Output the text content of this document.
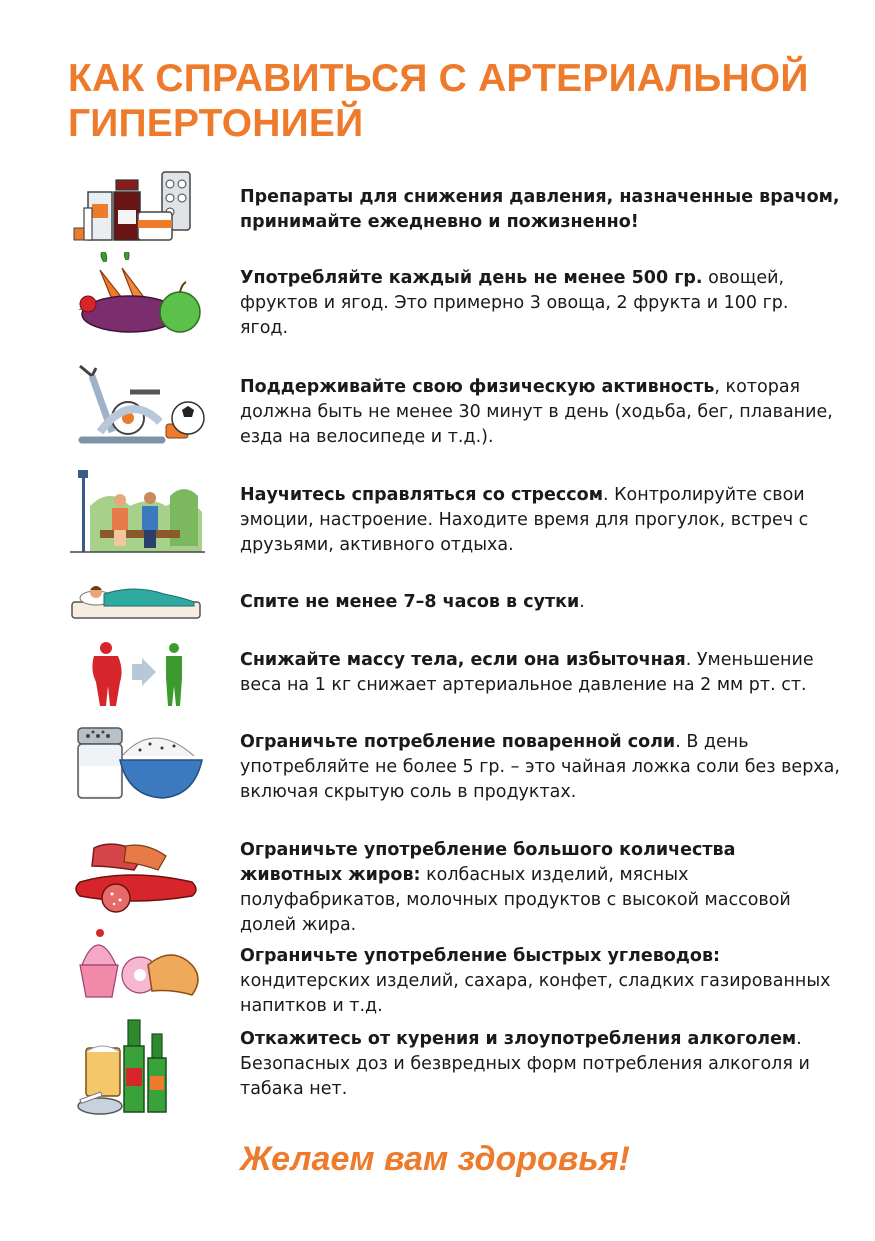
КАК СПРАВИТЬСЯ С АРТЕРИАЛЬНОЙ ГИПЕРТОНИЕЙ

Препараты для снижения давления, назначенные врачом, принимайте ежедневно и пожизненно!

Употребляйте каждый день не менее 500 гр. овощей, фруктов и ягод. Это примерно 3 овоща, 2 фрукта и 100 гр. ягод.

Поддерживайте свою физическую активность, которая должна быть не менее 30 минут в день (ходьба, бег, плавание, езда на велосипеде и т.д.).

Научитесь справляться со стрессом. Контролируйте свои эмоции, настроение. Находите время для прогулок, встреч с друзьями, активного отдыха.

Спите не менее 7–8 часов в сутки.

Снижайте массу тела, если она избыточная. Уменьшение веса на 1 кг снижает артериальное давление на 2 мм рт. ст.

Ограничьте потребление поваренной соли. В день употребляйте не более 5 гр. – это чайная ложка соли без верха, включая скрытую соль в продуктах.

Ограничьте употребление большого количества животных жиров: колбасных изделий, мясных полуфабрикатов, молочных продуктов с высокой массовой долей жира.

Ограничьте употребление быстрых углеводов: кондитерских изделий, сахара, конфет, сладких газированных напитков и т.д.

Откажитесь от курения и злоупотребления алкоголем. Безопасных доз и безвредных форм потребления алкоголя и табака нет.

Желаем вам здоровья!
